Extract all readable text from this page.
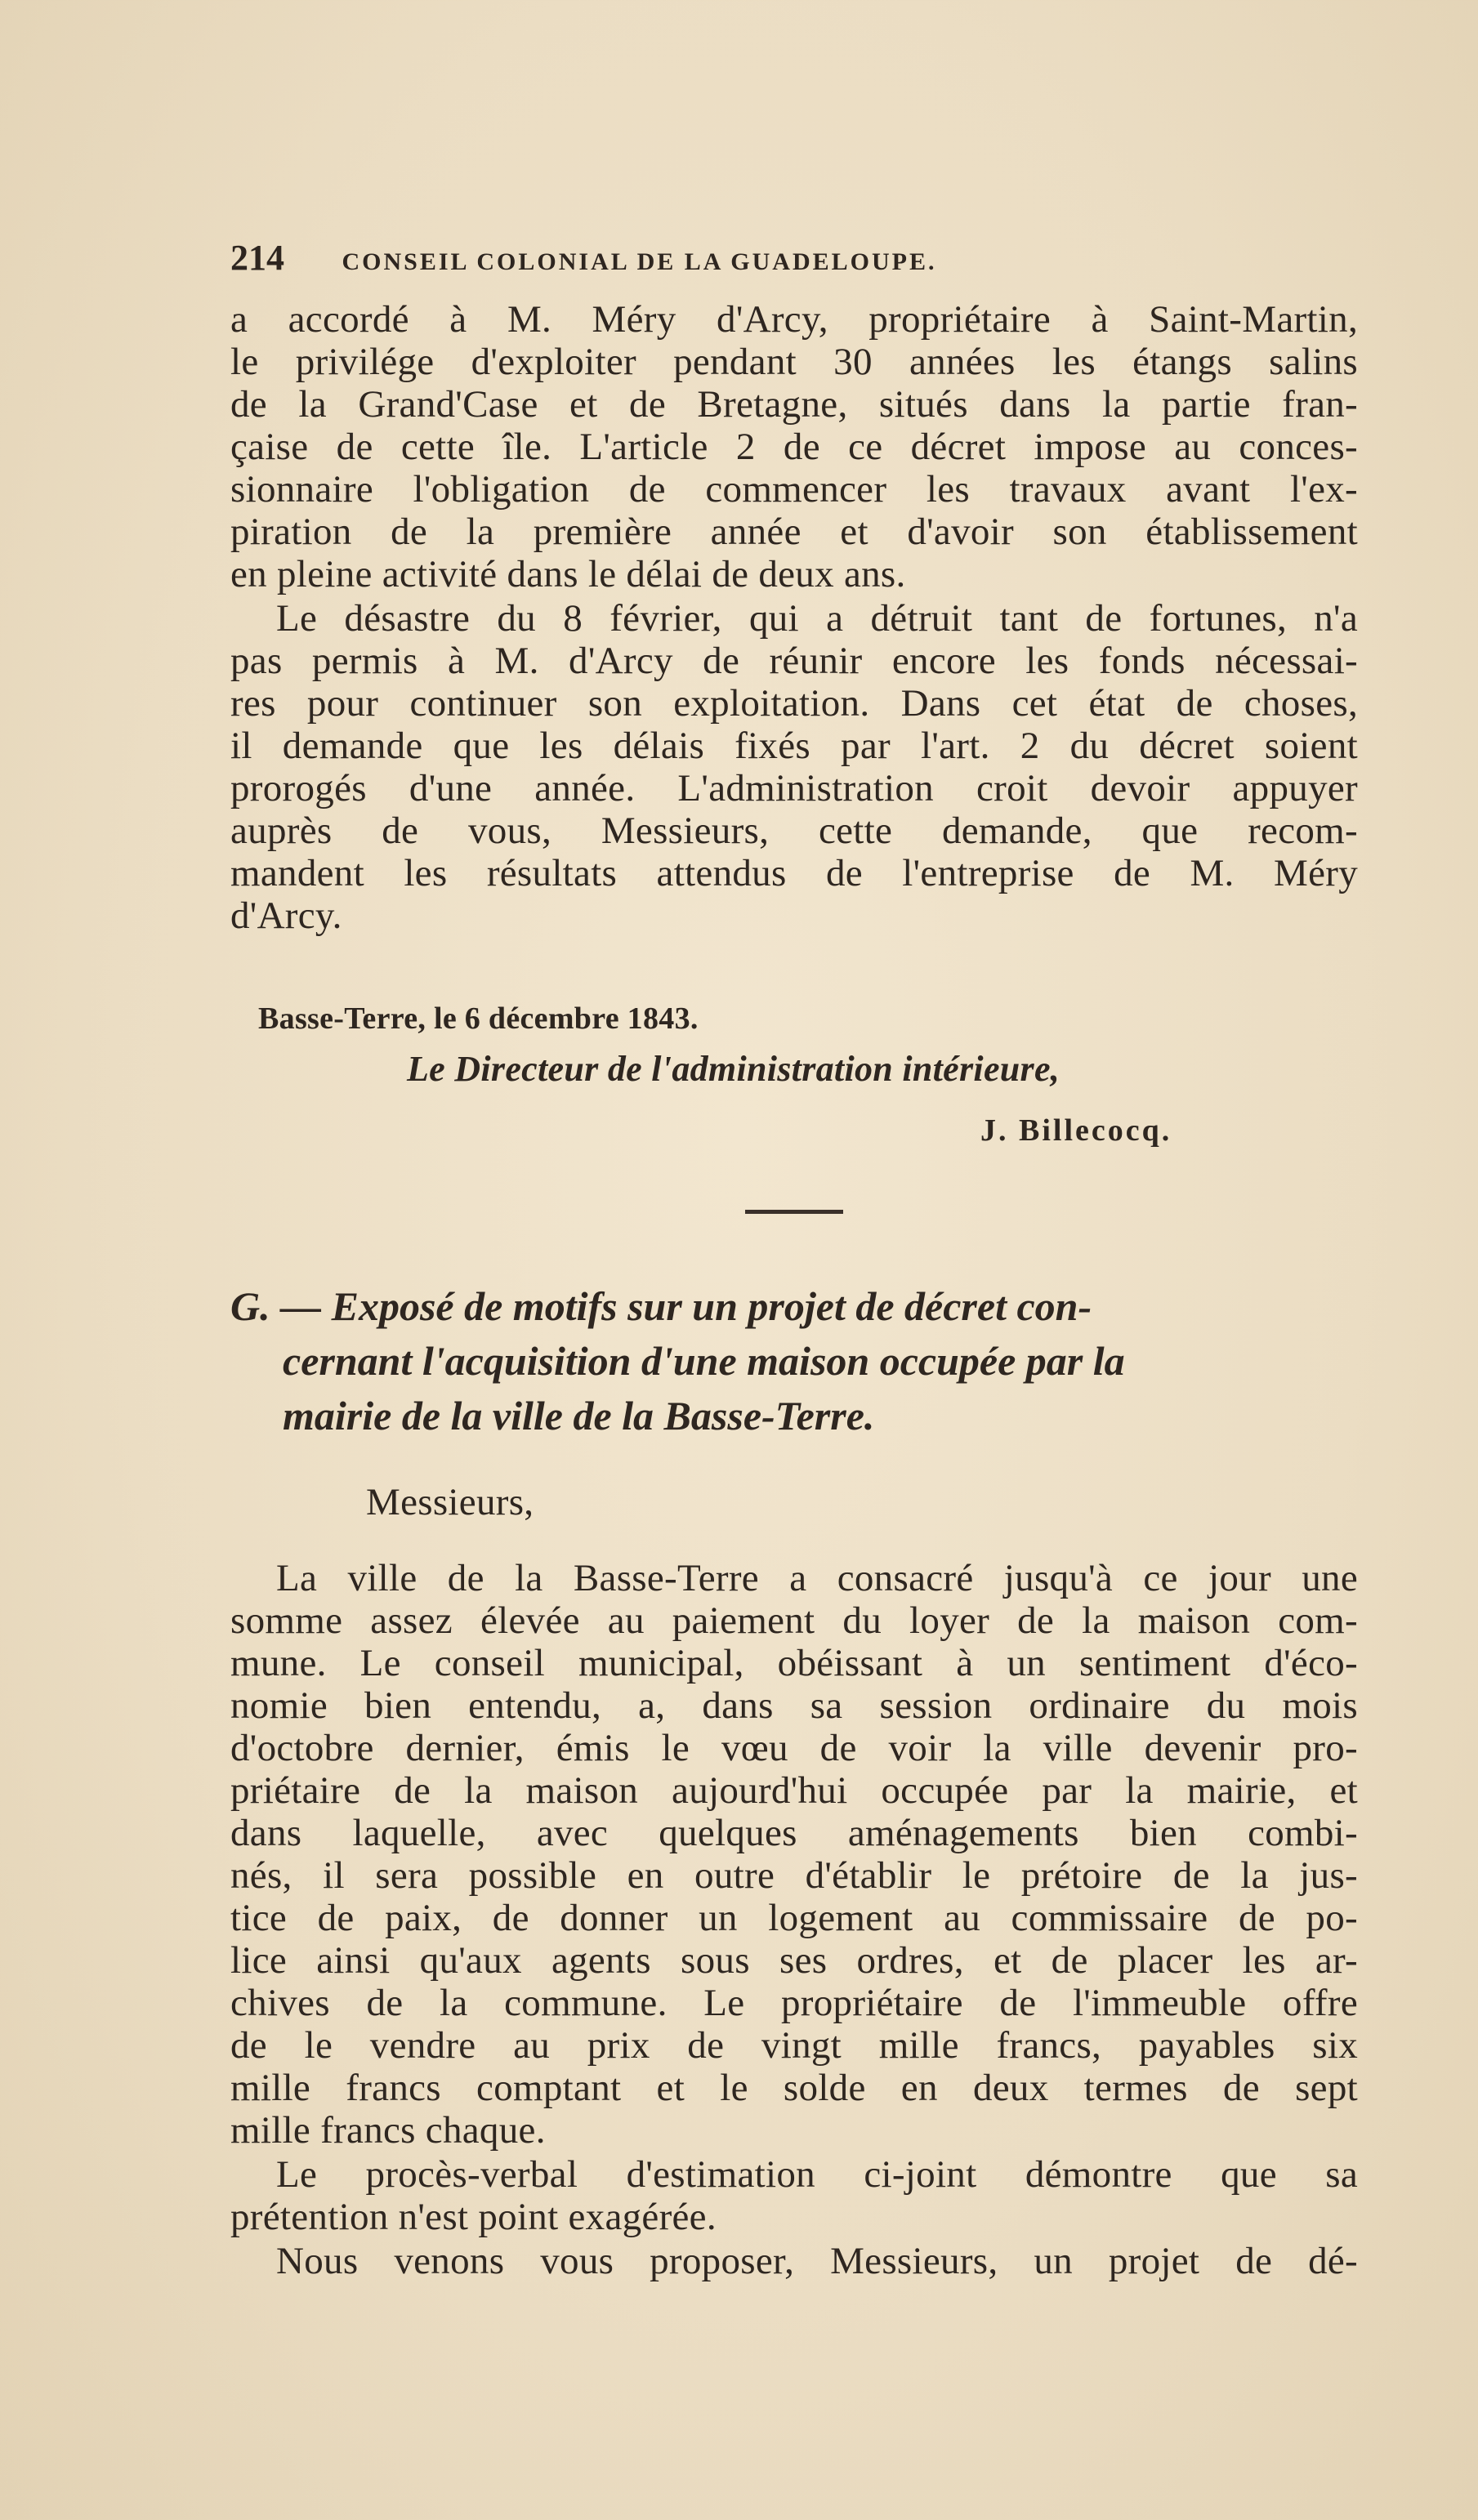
214 CONSEIL COLONIAL DE LA GUADELOUPE.
a accordé à M. Méry d'Arcy, propriétaire à Saint-Martin,
le privilége d'exploiter pendant 30 années les étangs salins
de la Grand'Case et de Bretagne, situés dans la partie fran-
çaise de cette île. L'article 2 de ce décret impose au conces-
sionnaire l'obligation de commencer les travaux avant l'ex-
piration de la première année et d'avoir son établissement
en pleine activité dans le délai de deux ans.
Le désastre du 8 février, qui a détruit tant de fortunes, n'a
pas permis à M. d'Arcy de réunir encore les fonds nécessai-
res pour continuer son exploitation. Dans cet état de choses,
il demande que les délais fixés par l'art. 2 du décret soient
prorogés d'une année. L'administration croit devoir appuyer
auprès de vous, Messieurs, cette demande, que recom-
mandent les résultats attendus de l'entreprise de M. Méry
d'Arcy.
Basse-Terre, le 6 décembre 1843.
Le Directeur de l'administration intérieure,
J. Billecocq.
G. — Exposé de motifs sur un projet de décret con-
cernant l'acquisition d'une maison occupée par la
mairie de la ville de la Basse-Terre.
Messieurs,
La ville de la Basse-Terre a consacré jusqu'à ce jour une
somme assez élevée au paiement du loyer de la maison com-
mune. Le conseil municipal, obéissant à un sentiment d'éco-
nomie bien entendu, a, dans sa session ordinaire du mois
d'octobre dernier, émis le vœu de voir la ville devenir pro-
priétaire de la maison aujourd'hui occupée par la mairie, et
dans laquelle, avec quelques aménagements bien combi-
nés, il sera possible en outre d'établir le prétoire de la jus-
tice de paix, de donner un logement au commissaire de po-
lice ainsi qu'aux agents sous ses ordres, et de placer les ar-
chives de la commune. Le propriétaire de l'immeuble offre
de le vendre au prix de vingt mille francs, payables six
mille francs comptant et le solde en deux termes de sept
mille francs chaque.
Le procès-verbal d'estimation ci-joint démontre que sa
prétention n'est point exagérée.
Nous venons vous proposer, Messieurs, un projet de dé-
